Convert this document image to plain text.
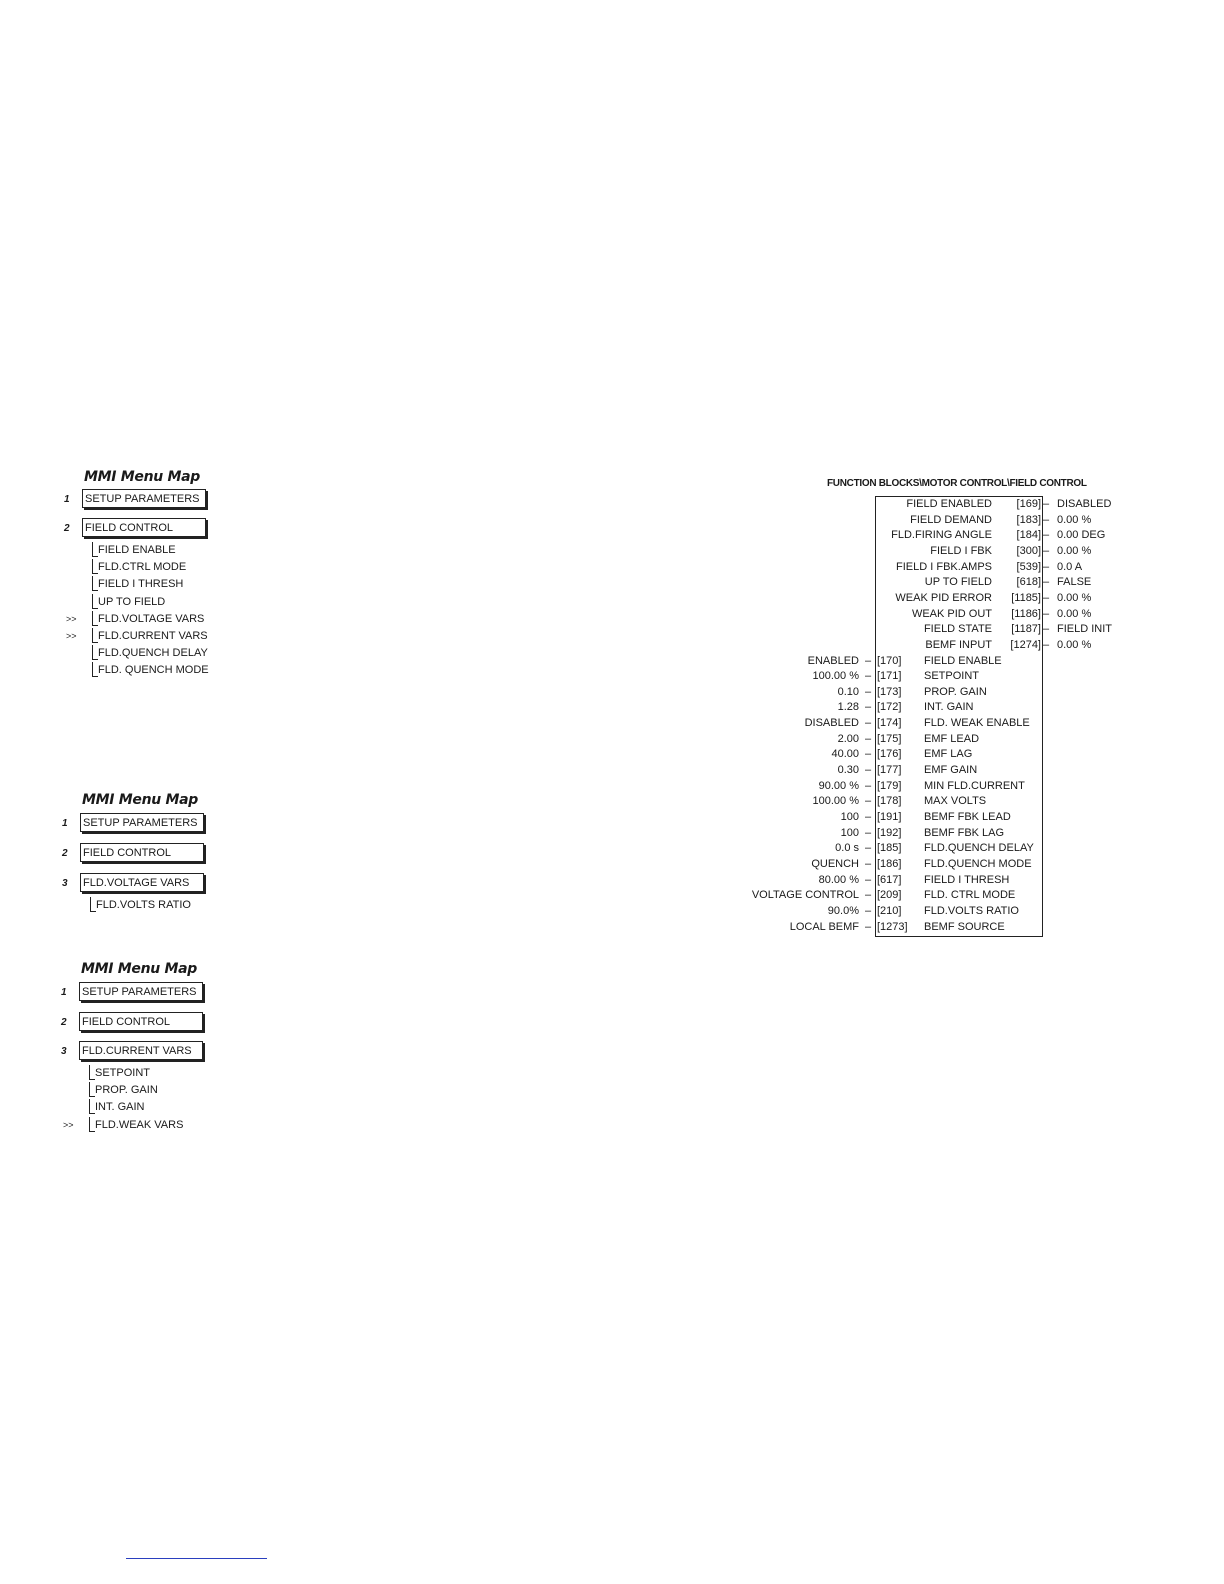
MMI Menu Map
1	SETUP PARAMETERS
2	FIELD CONTROL
FIELD ENABLE
FLD.CTRL MODE
FIELD I THRESH
UP TO FIELD
>> FLD.VOLTAGE VARS
>> FLD.CURRENT VARS
FLD.QUENCH DELAY
FLD. QUENCH MODE
MMI Menu Map
1	SETUP PARAMETERS
2	FIELD CONTROL
3	FLD.VOLTAGE VARS
FLD.VOLTS RATIO
MMI Menu Map
1	SETUP PARAMETERS
2	FIELD CONTROL
3	FLD.CURRENT VARS
SETPOINT
PROP. GAIN
INT. GAIN
>> FLD.WEAK VARS
FUNCTION BLOCKS\MOTOR CONTROL\FIELD CONTROL
FIELD ENABLED	[169] – DISABLED
FIELD DEMAND	[183] – 0.00 %
FLD.FIRING ANGLE	[184] – 0.00 DEG
FIELD I FBK	[300] – 0.00 %
FIELD I FBK.AMPS	[539] – 0.0 A
UP TO FIELD	[618] – FALSE
WEAK PID ERROR [1185] – 0.00 %
WEAK PID OUT [1186] – 0.00 %
FIELD STATE [1187] – FIELD INIT
BEMF INPUT [1274] – 0.00 %
ENABLED – [170] FIELD ENABLE
100.00 % – [171] SETPOINT
0.10 – [173] PROP. GAIN
1.28 – [172] INT. GAIN
DISABLED – [174] FLD. WEAK ENABLE
2.00 – [175] EMF LEAD
40.00 – [176] EMF LAG
0.30 – [177] EMF GAIN
90.00 % – [179] MIN FLD.CURRENT
100.00 % – [178] MAX VOLTS
100 – [191] BEMF FBK LEAD
100 – [192] BEMF FBK LAG
0.0 s – [185] FLD.QUENCH DELAY
QUENCH – [186] FLD.QUENCH MODE
80.00 % – [617] FIELD I THRESH
VOLTAGE CONTROL – [209] FLD. CTRL MODE
90.0% – [210] FLD.VOLTS RATIO
LOCAL BEMF – [1273] BEMF SOURCE
